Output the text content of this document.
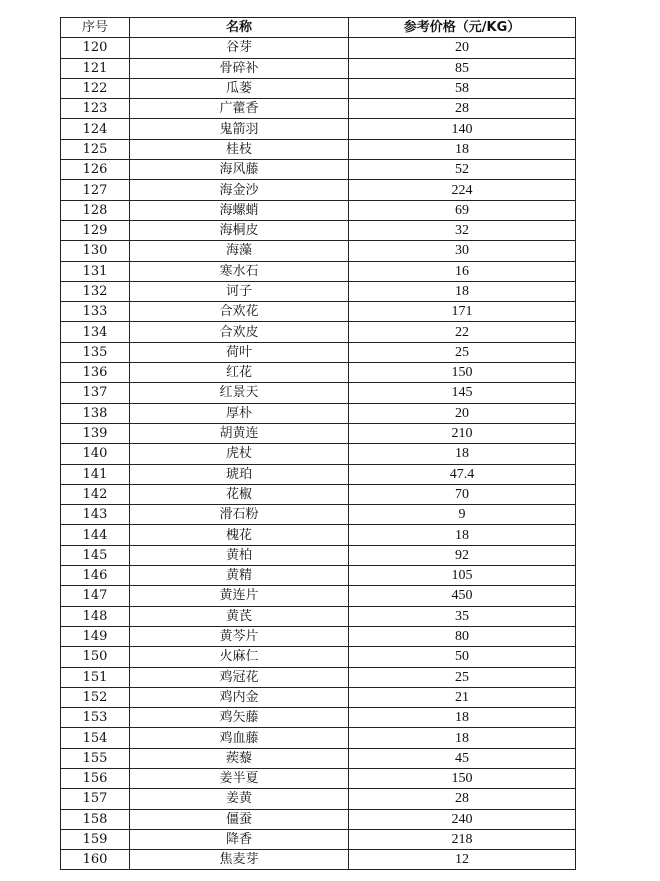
序号	名称	参考价格（元/KG）
120	谷芽	20
121	骨碎补	85
122	瓜蒌	58
123	广藿香	28
124	鬼箭羽	140
125	桂枝	18
126	海风藤	52
127	海金沙	224
128	海螺蛸	69
129	海桐皮	32
130	海藻	30
131	寒水石	16
132	诃子	18
133	合欢花	171
134	合欢皮	22
135	荷叶	25
136	红花	150
137	红景天	145
138	厚朴	20
139	胡黄连	210
140	虎杖	18
141	琥珀	47.4
142	花椒	70
143	滑石粉	9
144	槐花	18
145	黄柏	92
146	黄精	105
147	黄连片	450
148	黄芪	35
149	黄芩片	80
150	火麻仁	50
151	鸡冠花	25
152	鸡内金	21
153	鸡矢藤	18
154	鸡血藤	18
155	蒺藜	45
156	姜半夏	150
157	姜黄	28
158	僵蚕	240
159	降香	218
160	焦麦芽	12
